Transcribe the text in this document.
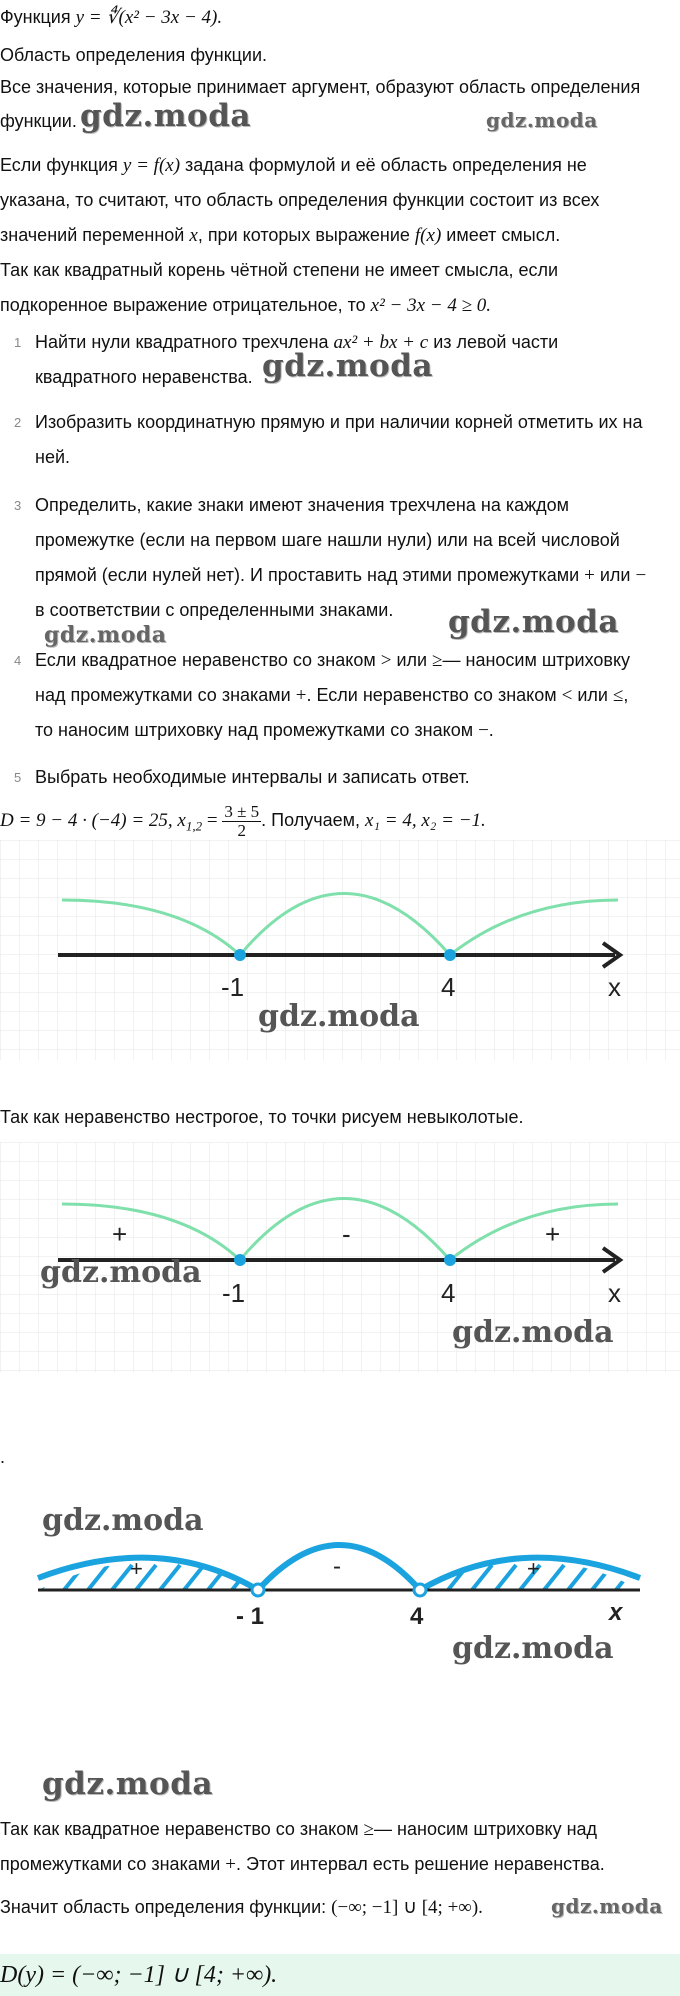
Функция y = ∜(x² − 3x − 4).
Область определения функции.
Все значения, которые принимает аргумент, образуют область определения
функции. gdz.moda	gdz.moda
Если функция y = f(x) задана формулой и её область определения не
указана, то считают, что область определения функции состоит из всех
значений переменной x, при которых выражение f(x) имеет смысл.
Так как квадратный корень чётной степени не имеет смысла, если
подкоренное выражение отрицательное, то x² − 3x − 4 ≥ 0.
1 Найти нули квадратного трехчлена ax² + bx + c из левой части
квадратного неравенства. gdz.moda
2 Изобразить координатную прямую и при наличии корней отметить их на
ней.
3 Определить, какие знаки имеют значения трехчлена на каждом
промежутке (если на первом шаге нашли нули) или на всей числовой
прямой (если нулей нет). И проставить над этими промежутками + или −
в соответствии с определенными знаками.
gdz.moda	gdz.moda
4 Если квадратное неравенство со знаком > или ≥— наносим штриховку
над промежутками со знаками +. Если неравенство со знаком < или ≤,
то наносим штриховку над промежутками со знаком −.
5 Выбрать необходимые интервалы и записать ответ.
D = 9 − 4 · (−4) = 25, $x_{1,2} = \frac{3 \pm 5}{2}$ . Получаем, x₁ = 4, x₂ = −1.
-1	4	x
gdz.moda
Так как неравенство нестрогое, то точки рисуем невыколотые.
+	-	+
-1	4	x
gdz.moda
gdz.moda
.
+	-	+
- 1	4	x
gdz.moda
gdz.moda
gdz.moda
Так как квадратное неравенство со знаком ≥— наносим штриховку над
промежутками со знаками +. Этот интервал есть решение неравенства.
Значит область определения функции: (−∞; −1] ∪ [4; +∞).	gdz.moda
D(y) = (−∞; −1] ∪ [4; +∞).
